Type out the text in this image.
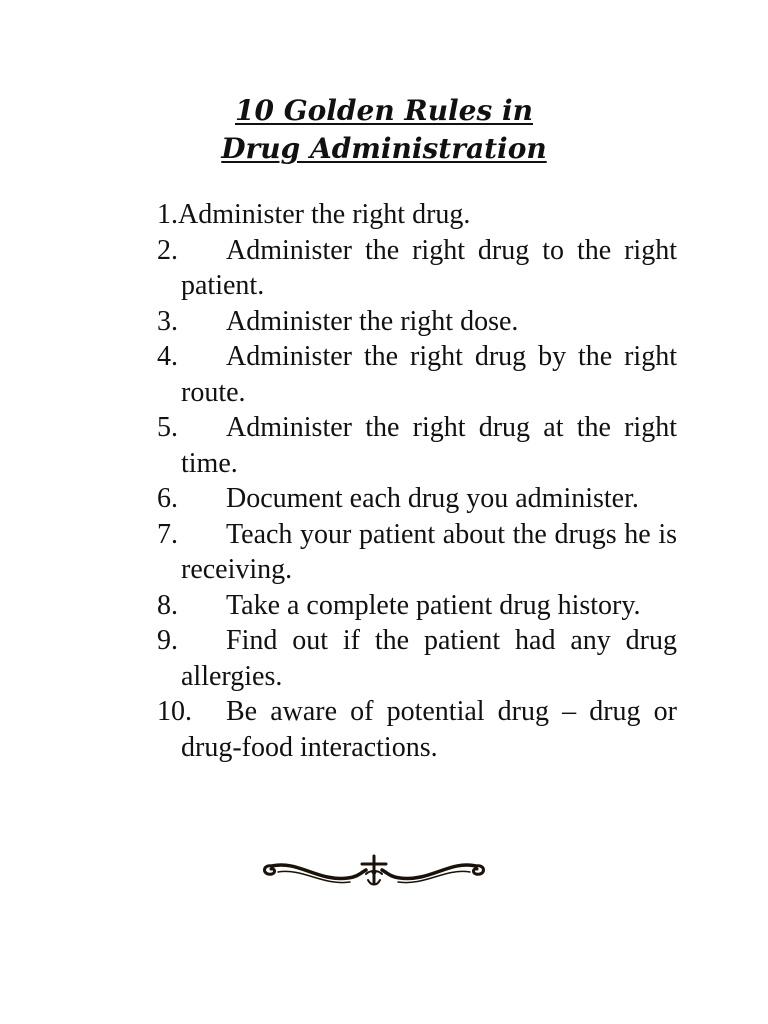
10 Golden Rules in
Drug Administration
1.Administer the right drug.
2. Administer the right drug to the right patient.
3. Administer the right dose.
4. Administer the right drug by the right route.
5. Administer the right drug at the right time.
6. Document each drug you administer.
7. Teach your patient about the drugs he is receiving.
8. Take a complete patient drug history.
9. Find out if the patient had any drug allergies.
10. Be aware of potential drug – drug or drug-food interactions.
